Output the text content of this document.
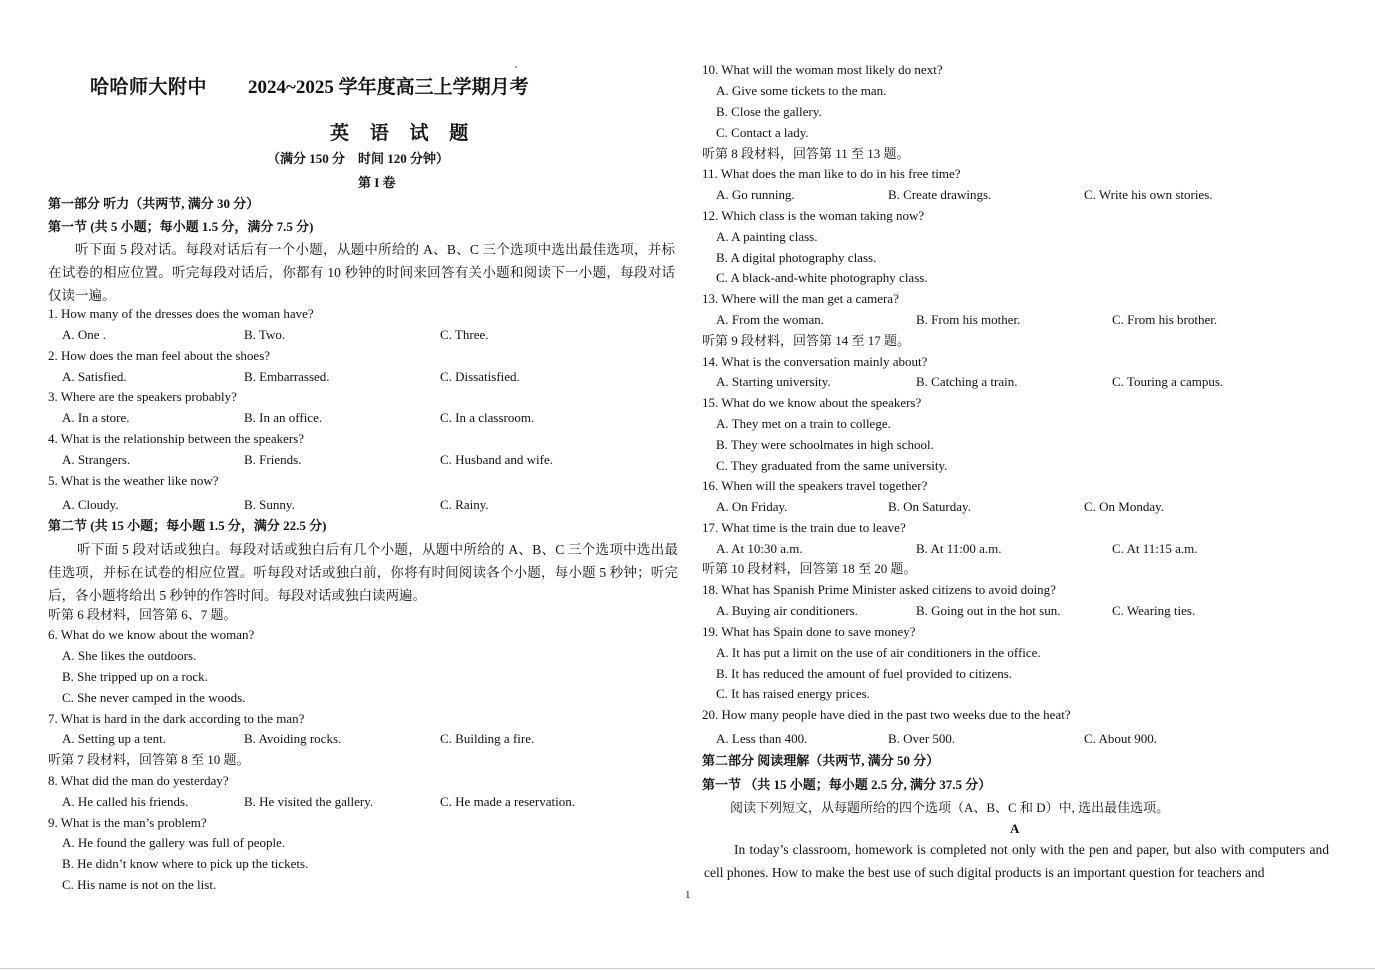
哈哈师大附中 2024~2025 学年度高三上学期月考
英 语 试 题
（满分 150 分　时间 120 分钟）
第 I 卷
第一部分 听力（共两节, 满分 30 分）
第一节 (共 5 小题；每小题 1.5 分，满分 7.5 分)
听下面 5 段对话。每段对话后有一个小题，从题中所给的 A、B、C 三个选项中选出最佳选项，并标在试卷的相应位置。听完每段对话后，你都有 10 秒钟的时间来回答有关小题和阅读下一小题，每段对话仅读一遍。
1. How many of the dresses does the woman have?
A. One .	B. Two.	C. Three.
2. How does the man feel about the shoes?
A. Satisfied.	B. Embarrassed.	C. Dissatisfied.
3. Where are the speakers probably?
A. In a store.	B. In an office.	C. In a classroom.
4. What is the relationship between the speakers?
A. Strangers.	B. Friends.	C. Husband and wife.
5. What is the weather like now?
A. Cloudy.	B. Sunny.	C. Rainy.
第二节 (共 15 小题；每小题 1.5 分，满分 22.5 分)
听下面 5 段对话或独白。每段对话或独白后有几个小题，从题中所给的 A、B、C 三个选项中选出最佳选项，并标在试卷的相应位置。听每段对话或独白前，你将有时间阅读各个小题，每小题 5 秒钟；听完后，各小题将给出 5 秒钟的作答时间。每段对话或独白读两遍。
听第 6 段材料，回答第 6、7 题。
6. What do we know about the woman?
A. She likes the outdoors.
B. She tripped up on a rock.
C. She never camped in the woods.
7. What is hard in the dark according to the man?
A. Setting up a tent.	B. Avoiding rocks.	C. Building a fire.
听第 7 段材料，回答第 8 至 10 题。
8. What did the man do yesterday?
A. He called his friends.	B. He visited the gallery.	C. He made a reservation.
9. What is the man’s problem?
A. He found the gallery was full of people.
B. He didn’t know where to pick up the tickets.
C. His name is not on the list.
1
10. What will the woman most likely do next?
A. Give some tickets to the man.
B. Close the gallery.
C. Contact a lady.
听第 8 段材料，回答第 11 至 13 题。
11. What does the man like to do in his free time?
A. Go running.	B. Create drawings.	C. Write his own stories.
12. Which class is the woman taking now?
A. A painting class.
B. A digital photography class.
C. A black-and-white photography class.
13. Where will the man get a camera?
A. From the woman.	B. From his mother.	C. From his brother.
听第 9 段材料，回答第 14 至 17 题。
14. What is the conversation mainly about?
A. Starting university.	B. Catching a train.	C. Touring a campus.
15. What do we know about the speakers?
A. They met on a train to college.
B. They were schoolmates in high school.
C. They graduated from the same university.
16. When will the speakers travel together?
A. On Friday.	B. On Saturday.	C. On Monday.
17. What time is the train due to leave?
A. At 10:30 a.m.	B. At 11:00 a.m.	C. At 11:15 a.m.
听第 10 段材料，回答第 18 至 20 题。
18. What has Spanish Prime Minister asked citizens to avoid doing?
A. Buying air conditioners.	B. Going out in the hot sun.	C. Wearing ties.
19. What has Spain done to save money?
A. It has put a limit on the use of air conditioners in the office.
B. It has reduced the amount of fuel provided to citizens.
C. It has raised energy prices.
20. How many people have died in the past two weeks due to the heat?
A. Less than 400.	B. Over 500.	C. About 900.
第二部分 阅读理解（共两节, 满分 50 分）
第一节 （共 15 小题；每小题 2.5 分, 满分 37.5 分）
阅读下列短文，从每题所给的四个选项（A、B、C 和 D）中, 选出最佳选项。
A
In today’s classroom, homework is completed not only with the pen and paper, but also with computers and cell phones. How to make the best use of such digital products is an important question for teachers and
